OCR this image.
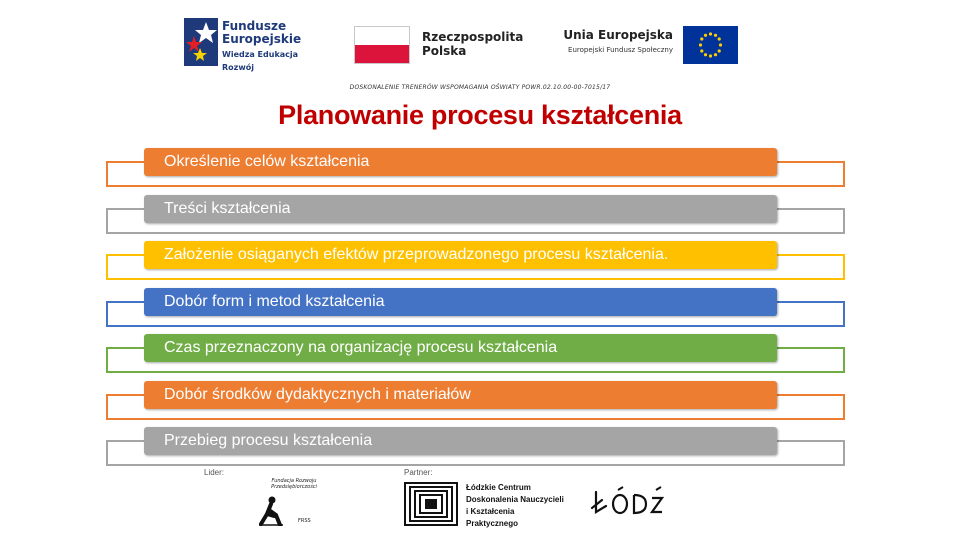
Fundusze
Europejskie
Wiedza Edukacja Rozwój
Rzeczpospolita
Polska
Unia Europejska
Europejski Fundusz Społeczny
DOSKONALENIE TRENERÓW WSPOMAGANIA OŚWIATY POWR.02.10.00-00-7015/17
Planowanie procesu kształcenia
Określenie celów kształcenia
Treści kształcenia
Założenie osiąganych efektów przeprowadzonego procesu kształcenia.
Dobór form i metod kształcenia
Czas przeznaczony na organizację procesu kształcenia
Dobór środków dydaktycznych i materiałów
Przebieg procesu kształcenia
Lider:	Partner:
Fundacja Rozwoju Przedsiębiorczości
FRSS
Łódzkie Centrum
Doskonalenia Nauczycieli
i Kształcenia Praktycznego
